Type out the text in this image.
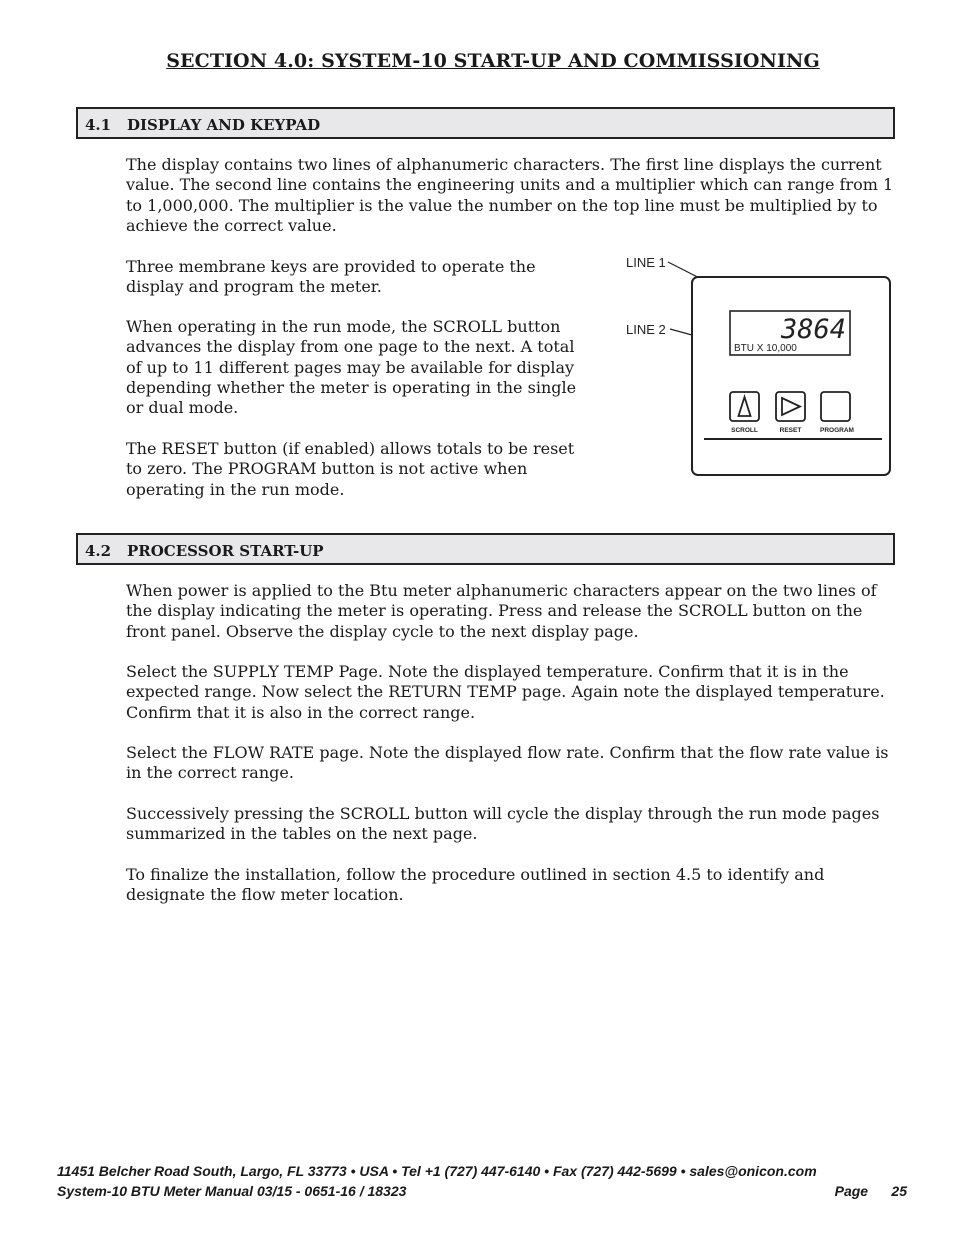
SECTION 4.0: SYSTEM-10 START-UP AND COMMISSIONING
4.1 DISPLAY AND KEYPAD

The display contains two lines of alphanumeric characters. The first line displays the current value. The second line contains the engineering units and a multiplier which can range from 1 to 1,000,000. The multiplier is the value the number on the top line must be multiplied by to achieve the correct value.

Three membrane keys are provided to operate the display and program the meter.

When operating in the run mode, the SCROLL button advances the display from one page to the next. A total of up to 11 different pages may be available for display depending whether the meter is operating in the single or dual mode.

The RESET button (if enabled) allows totals to be reset to zero. The PROGRAM button is not active when operating in the run mode.

LINE 1
LINE 2	3864
BTU X 10,000
SCROLL	RESET	PROGRAM
4.2 PROCESSOR START-UP

When power is applied to the Btu meter alphanumeric characters appear on the two lines of the display indicating the meter is operating. Press and release the SCROLL button on the front panel. Observe the display cycle to the next display page.

Select the SUPPLY TEMP Page. Note the displayed temperature. Confirm that it is in the expected range. Now select the RETURN TEMP page. Again note the displayed temperature. Confirm that it is also in the correct range.

Select the FLOW RATE page. Note the displayed flow rate. Confirm that the flow rate value is in the correct range.

Successively pressing the SCROLL button will cycle the display through the run mode pages summarized in the tables on the next page.

To finalize the installation, follow the procedure outlined in section 4.5 to identify and designate the flow meter location.

11451 Belcher Road South, Largo, FL 33773 • USA • Tel +1 (727) 447-6140 • Fax (727) 442-5699 • sales@onicon.com
System-10 BTU Meter Manual 03/15 - 0651-16 / 18323	Page 25
